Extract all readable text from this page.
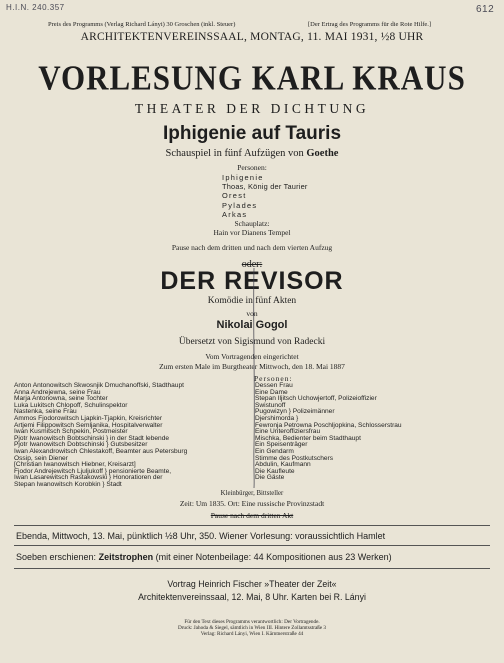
H.I.N. 240.357	612
Preis des Programms (Verlag Richard Lányi) 30 Groschen (inkl. Steuer)	[Der Ertrag des Programms für die Rote Hilfe.]
ARCHITEKTENVEREINSSAAL, MONTAG, 11. MAI 1931, ½8 UHR
VORLESUNG KARL KRAUS
THEATER DER DICHTUNG
Iphigenie auf Tauris
Schauspiel in fünf Aufzügen von Goethe
Personen:
Iphigenie
Thoas, König der Taurier
Orest
Pylades
Arkas
Schauplatz:
Hain vor Dianens Tempel
Pause nach dem dritten und nach dem vierten Aufzug
oder:
DER REVISOR
Komödie in fünf Akten
von
Nikolai Gogol
Übersetzt von Sigismund von Radecki
Vom Vortragenden eingerichtet
Zum ersten Male im Burgtheater Mittwoch, den 18. Mai 1887
Personen:
Anton Antonowitsch Skwosnjik Dmuchanoffski, Stadthaupt
Anna Andrejewna, seine Frau
Marja Antonowna, seine Tochter
Luka Lukitsch Chlopoff, Schulinspektor
Nastenka, seine Frau
Ammos Fjodorowitsch Ljapkin-Tjapkin, Kreisrichter
Artjemi Filippowitsch Semljanika, Hospitalverwalter
Iwan Kusmitsch Schpekin, Postmeister
Pjotr Iwanowitsch Bobtschinski } in der Stadt lebende
Pjotr Iwanowitsch Dobtschinski } Gutsbesitzer
Iwan Alexandrowitsch Chlestakoff, Beamter aus Petersburg
Ossip, sein Diener
[Christian Iwanowitsch Hiebner, Kreisarzt]
Fjodor Andrejewitsch Ljuljukoff } pensionierte Beamte,
Iwan Lasarewitsch Rastakowski } Honoratioren der
Stepan Iwanowitsch Korobkin } Stadt
Dessen Frau
Eine Dame
Stepan Iljitsch Uchowjertoff, Polizeioffizier
Swistunoff
Pugowizyn } Polizeimänner
Djershimorda }
Fewronja Petrowna Poschljopkina, Schlosserstrau
Eine Unteroffiziersfrau
Mischka, Bedienter beim Stadthaupt
Ein Speisenträger
Ein Gendarm
Stimme des Postkutschers
Abdulin, Kaufmann
Die Kaufleute
Die Gäste
Kleinbürger, Bittsteller
Zeit: Um 1835. Ort: Eine russische Provinzstadt
Pause nach dem dritten Akt
Ebenda, Mittwoch, 13. Mai, pünktlich ½8 Uhr, 350. Wiener Vorlesung: voraussichtlich Hamlet
Soeben erschienen: Zeitstrophen (mit einer Notenbeilage: 44 Kompositionen aus 23 Werken)
Vortrag Heinrich Fischer »Theater der Zeit«
Architektenvereinssaal, 12. Mai, 8 Uhr. Karten bei R. Lányi
Für den Text dieses Programms verantwortlich: Der Vortragende.
Druck: Jahoda & Siegel, sämtlich in Wien III. Hintere Zollamtsstraße 3
Verlag: Richard Lányi, Wien I. Kärntnerstraße 44
